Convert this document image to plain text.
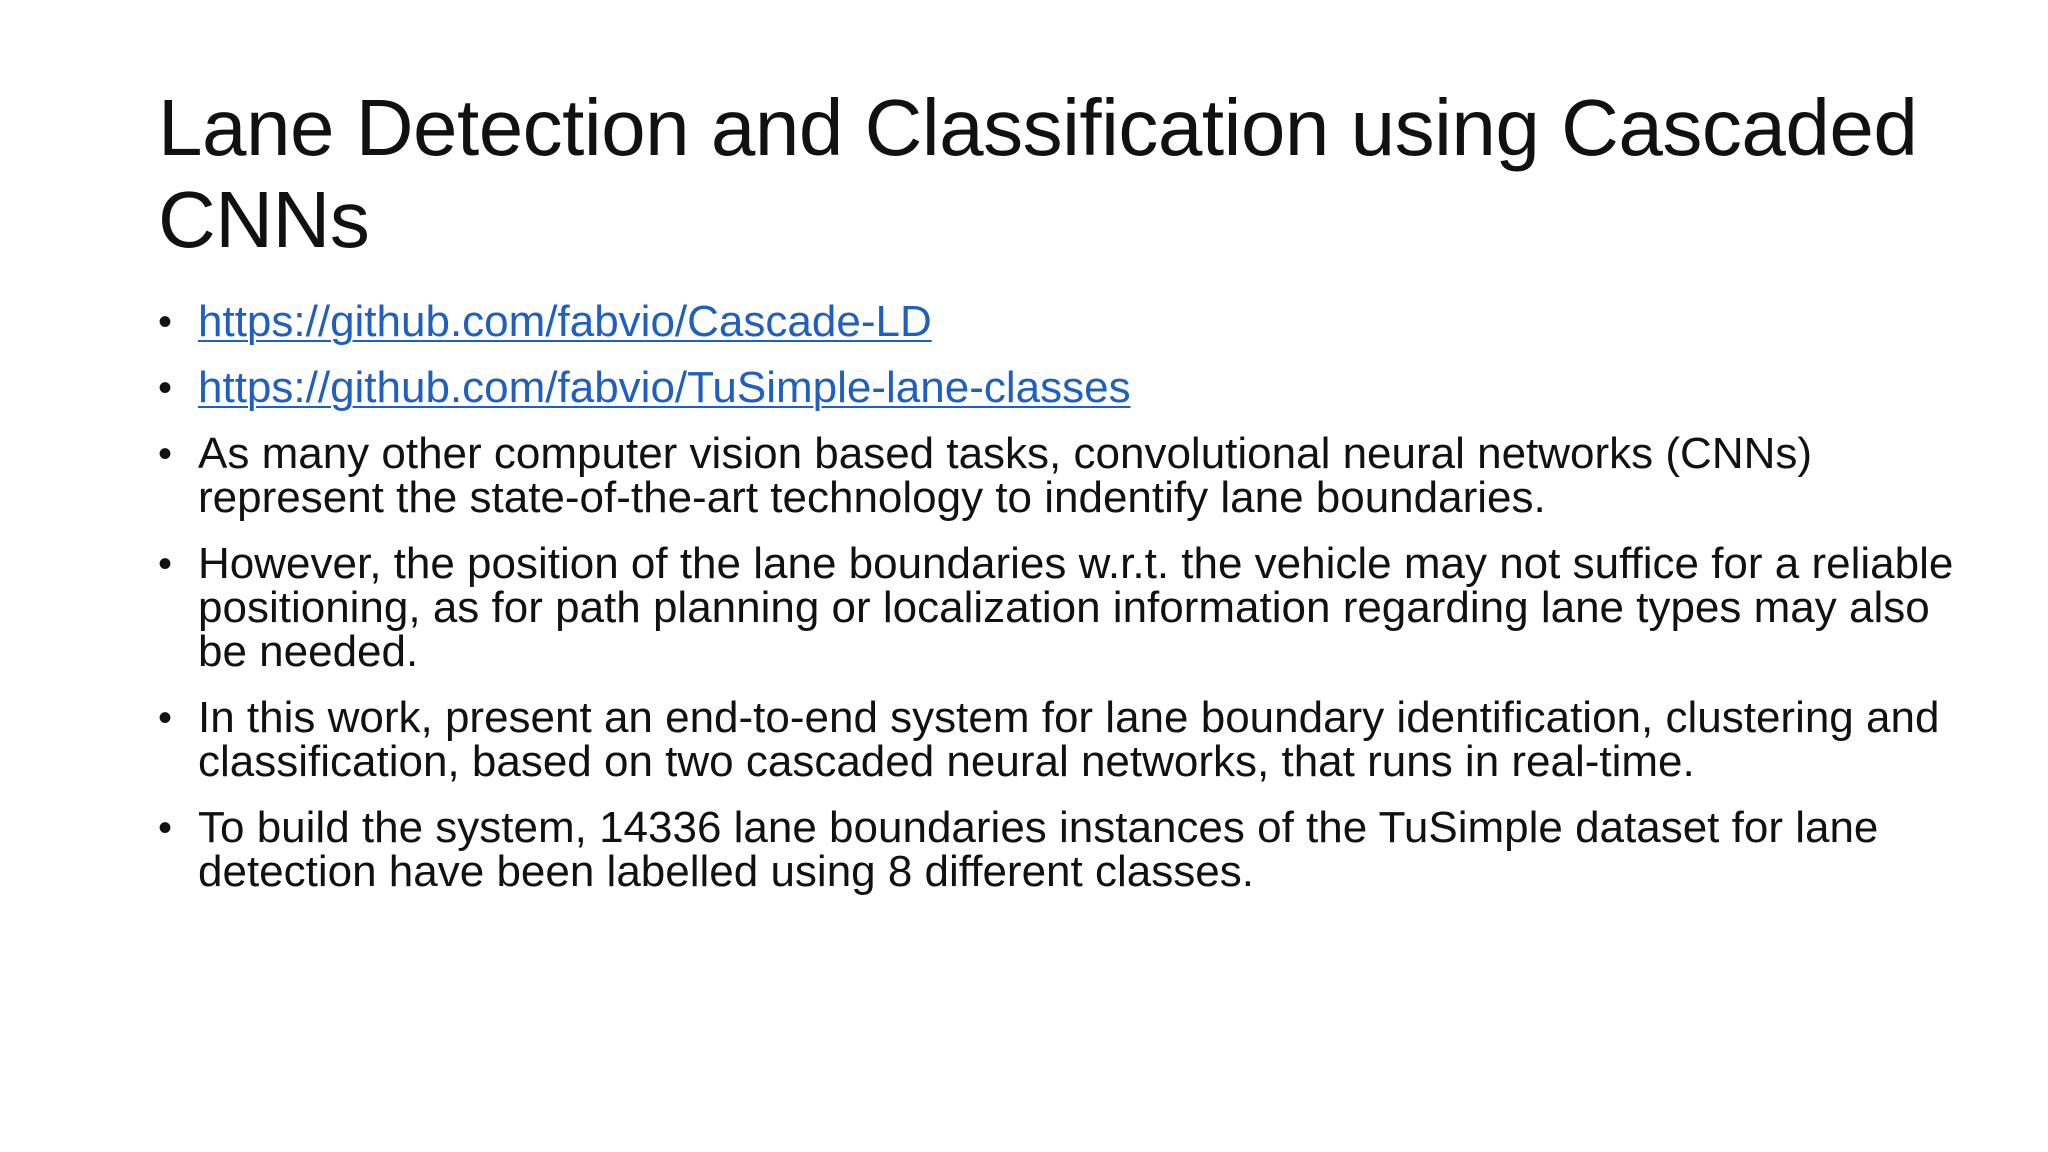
Lane Detection and Classification using Cascaded CNNs
• https://github.com/fabvio/Cascade-LD
• https://github.com/fabvio/TuSimple-lane-classes
• As many other computer vision based tasks, convolutional neural networks (CNNs) represent the state-of-the-art technology to indentify lane boundaries.
• However, the position of the lane boundaries w.r.t. the vehicle may not suffice for a reliable positioning, as for path planning or localization information regarding lane types may also be needed.
• In this work, present an end-to-end system for lane boundary identification, clustering and classification, based on two cascaded neural networks, that runs in real-time.
• To build the system, 14336 lane boundaries instances of the TuSimple dataset for lane detection have been labelled using 8 different classes.
